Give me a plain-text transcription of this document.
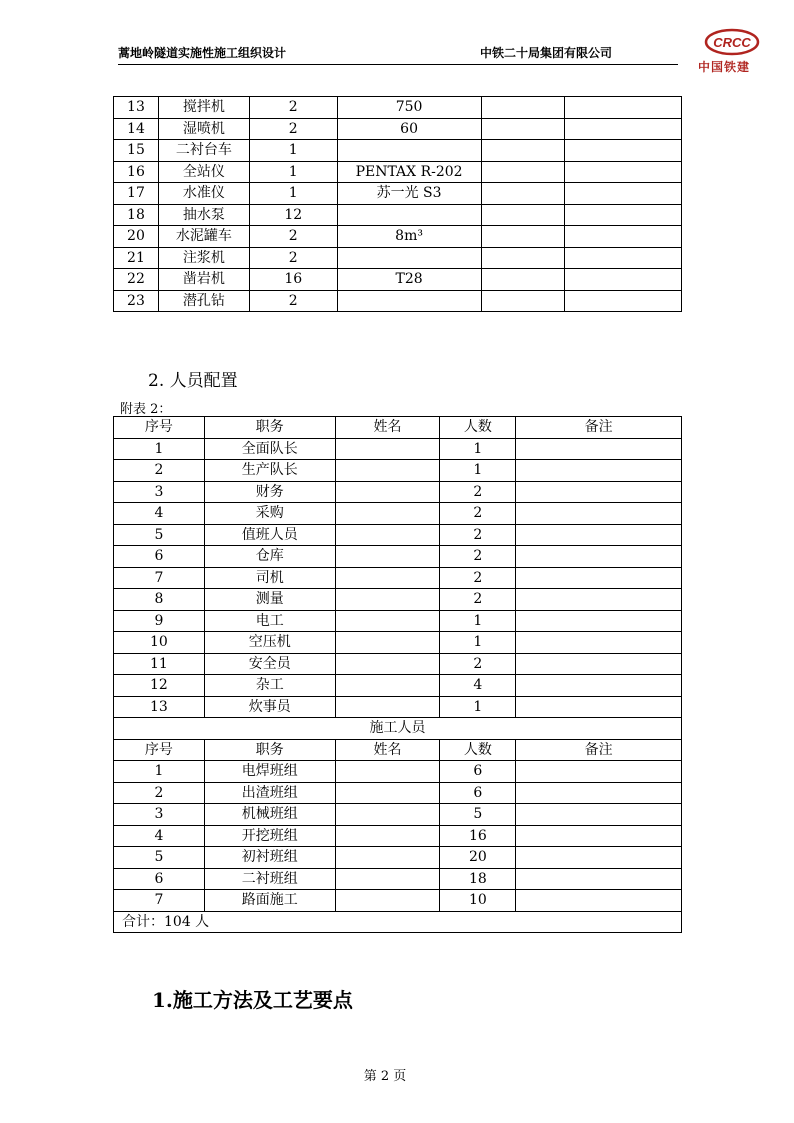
蒿地岭隧道实施性施工组织设计	中铁二十局集团有限公司
CRCC
中国铁建
13	搅拌机	2	750		
14	湿喷机	2	60		
15	二衬台车	1			
16	全站仪	1	PENTAX R-202		
17	水准仪	1	苏一光 S3		
18	抽水泵	12			
20	水泥罐车	2	8m³		
21	注浆机	2			
22	凿岩机	16	T28		
23	潜孔钻	2			
2. 人员配置
附表 2：
序号	职务	姓名	人数	备注
1	全面队长		1	
2	生产队长		1	
3	财务		2	
4	采购		2	
5	值班人员		2	
6	仓库		2	
7	司机		2	
8	测量		2	
9	电工		1	
10	空压机		1	
11	安全员		2	
12	杂工		4	
13	炊事员		1	
施工人员				
序号	职务	姓名	人数	备注
1	电焊班组		6	
2	出渣班组		6	
3	机械班组		5	
4	开挖班组		16	
5	初衬班组		20	
6	二衬班组		18	
7	路面施工		10	
合计：104 人				
1.施工方法及工艺要点
第 2 页
